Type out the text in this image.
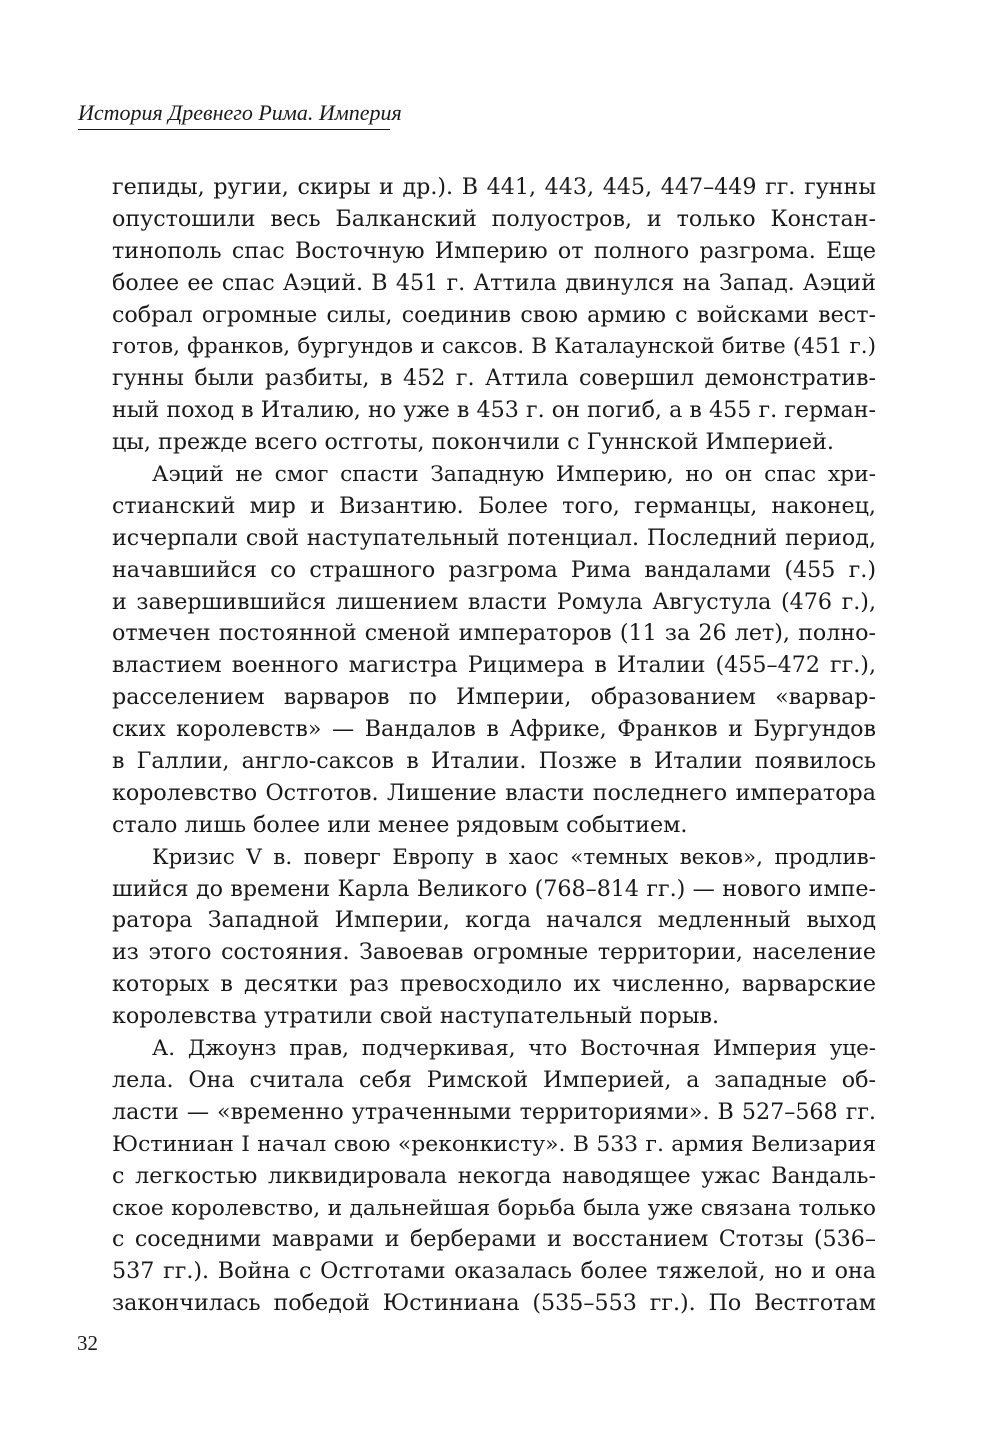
История Древнего Рима. Империя
гепиды, ругии, скиры и др.). В 441, 443, 445, 447–449 гг. гунны
опустошили весь Балканский полуостров, и только Констан-
тинополь спас Восточную Империю от полного разгрома. Еще
более ее спас Аэций. В 451 г. Аттила двинулся на Запад. Аэций
собрал огромные силы, соединив свою армию с войсками вест-
готов, франков, бургундов и саксов. В Каталаунской битве (451 г.)
гунны были разбиты, в 452 г. Аттила совершил демонстратив-
ный поход в Италию, но уже в 453 г. он погиб, а в 455 г. герман-
цы, прежде всего остготы, покончили с Гуннской Империей.
Аэций не смог спасти Западную Империю, но он спас хри-
стианский мир и Византию. Более того, германцы, наконец,
исчерпали свой наступательный потенциал. Последний период,
начавшийся со страшного разгрома Рима вандалами (455 г.)
и завершившийся лишением власти Ромула Августула (476 г.),
отмечен постоянной сменой императоров (11 за 26 лет), полно-
властием военного магистра Рицимера в Италии (455–472 гг.),
расселением варваров по Империи, образованием «варвар-
ских королевств» — Вандалов в Африке, Франков и Бургундов
в Галлии, англо-саксов в Италии. Позже в Италии появилось
королевство Остготов. Лишение власти последнего императора
стало лишь более или менее рядовым событием.
Кризис V в. поверг Европу в хаос «темных веков», продлив-
шийся до времени Карла Великого (768–814 гг.) — нового импе-
ратора Западной Империи, когда начался медленный выход
из этого состояния. Завоевав огромные территории, население
которых в десятки раз превосходило их численно, варварские
королевства утратили свой наступательный порыв.
А. Джоунз прав, подчеркивая, что Восточная Империя уце-
лела. Она считала себя Римской Империей, а западные об-
ласти — «временно утраченными территориями». В 527–568 гг.
Юстиниан I начал свою «реконкисту». В 533 г. армия Велизария
с легкостью ликвидировала некогда наводящее ужас Вандаль-
ское королевство, и дальнейшая борьба была уже связана только
с соседними маврами и берберами и восстанием Стотзы (536–
537 гг.). Война с Остготами оказалась более тяжелой, но и она
закончилась победой Юстиниана (535–553 гг.). По Вестготам
32
